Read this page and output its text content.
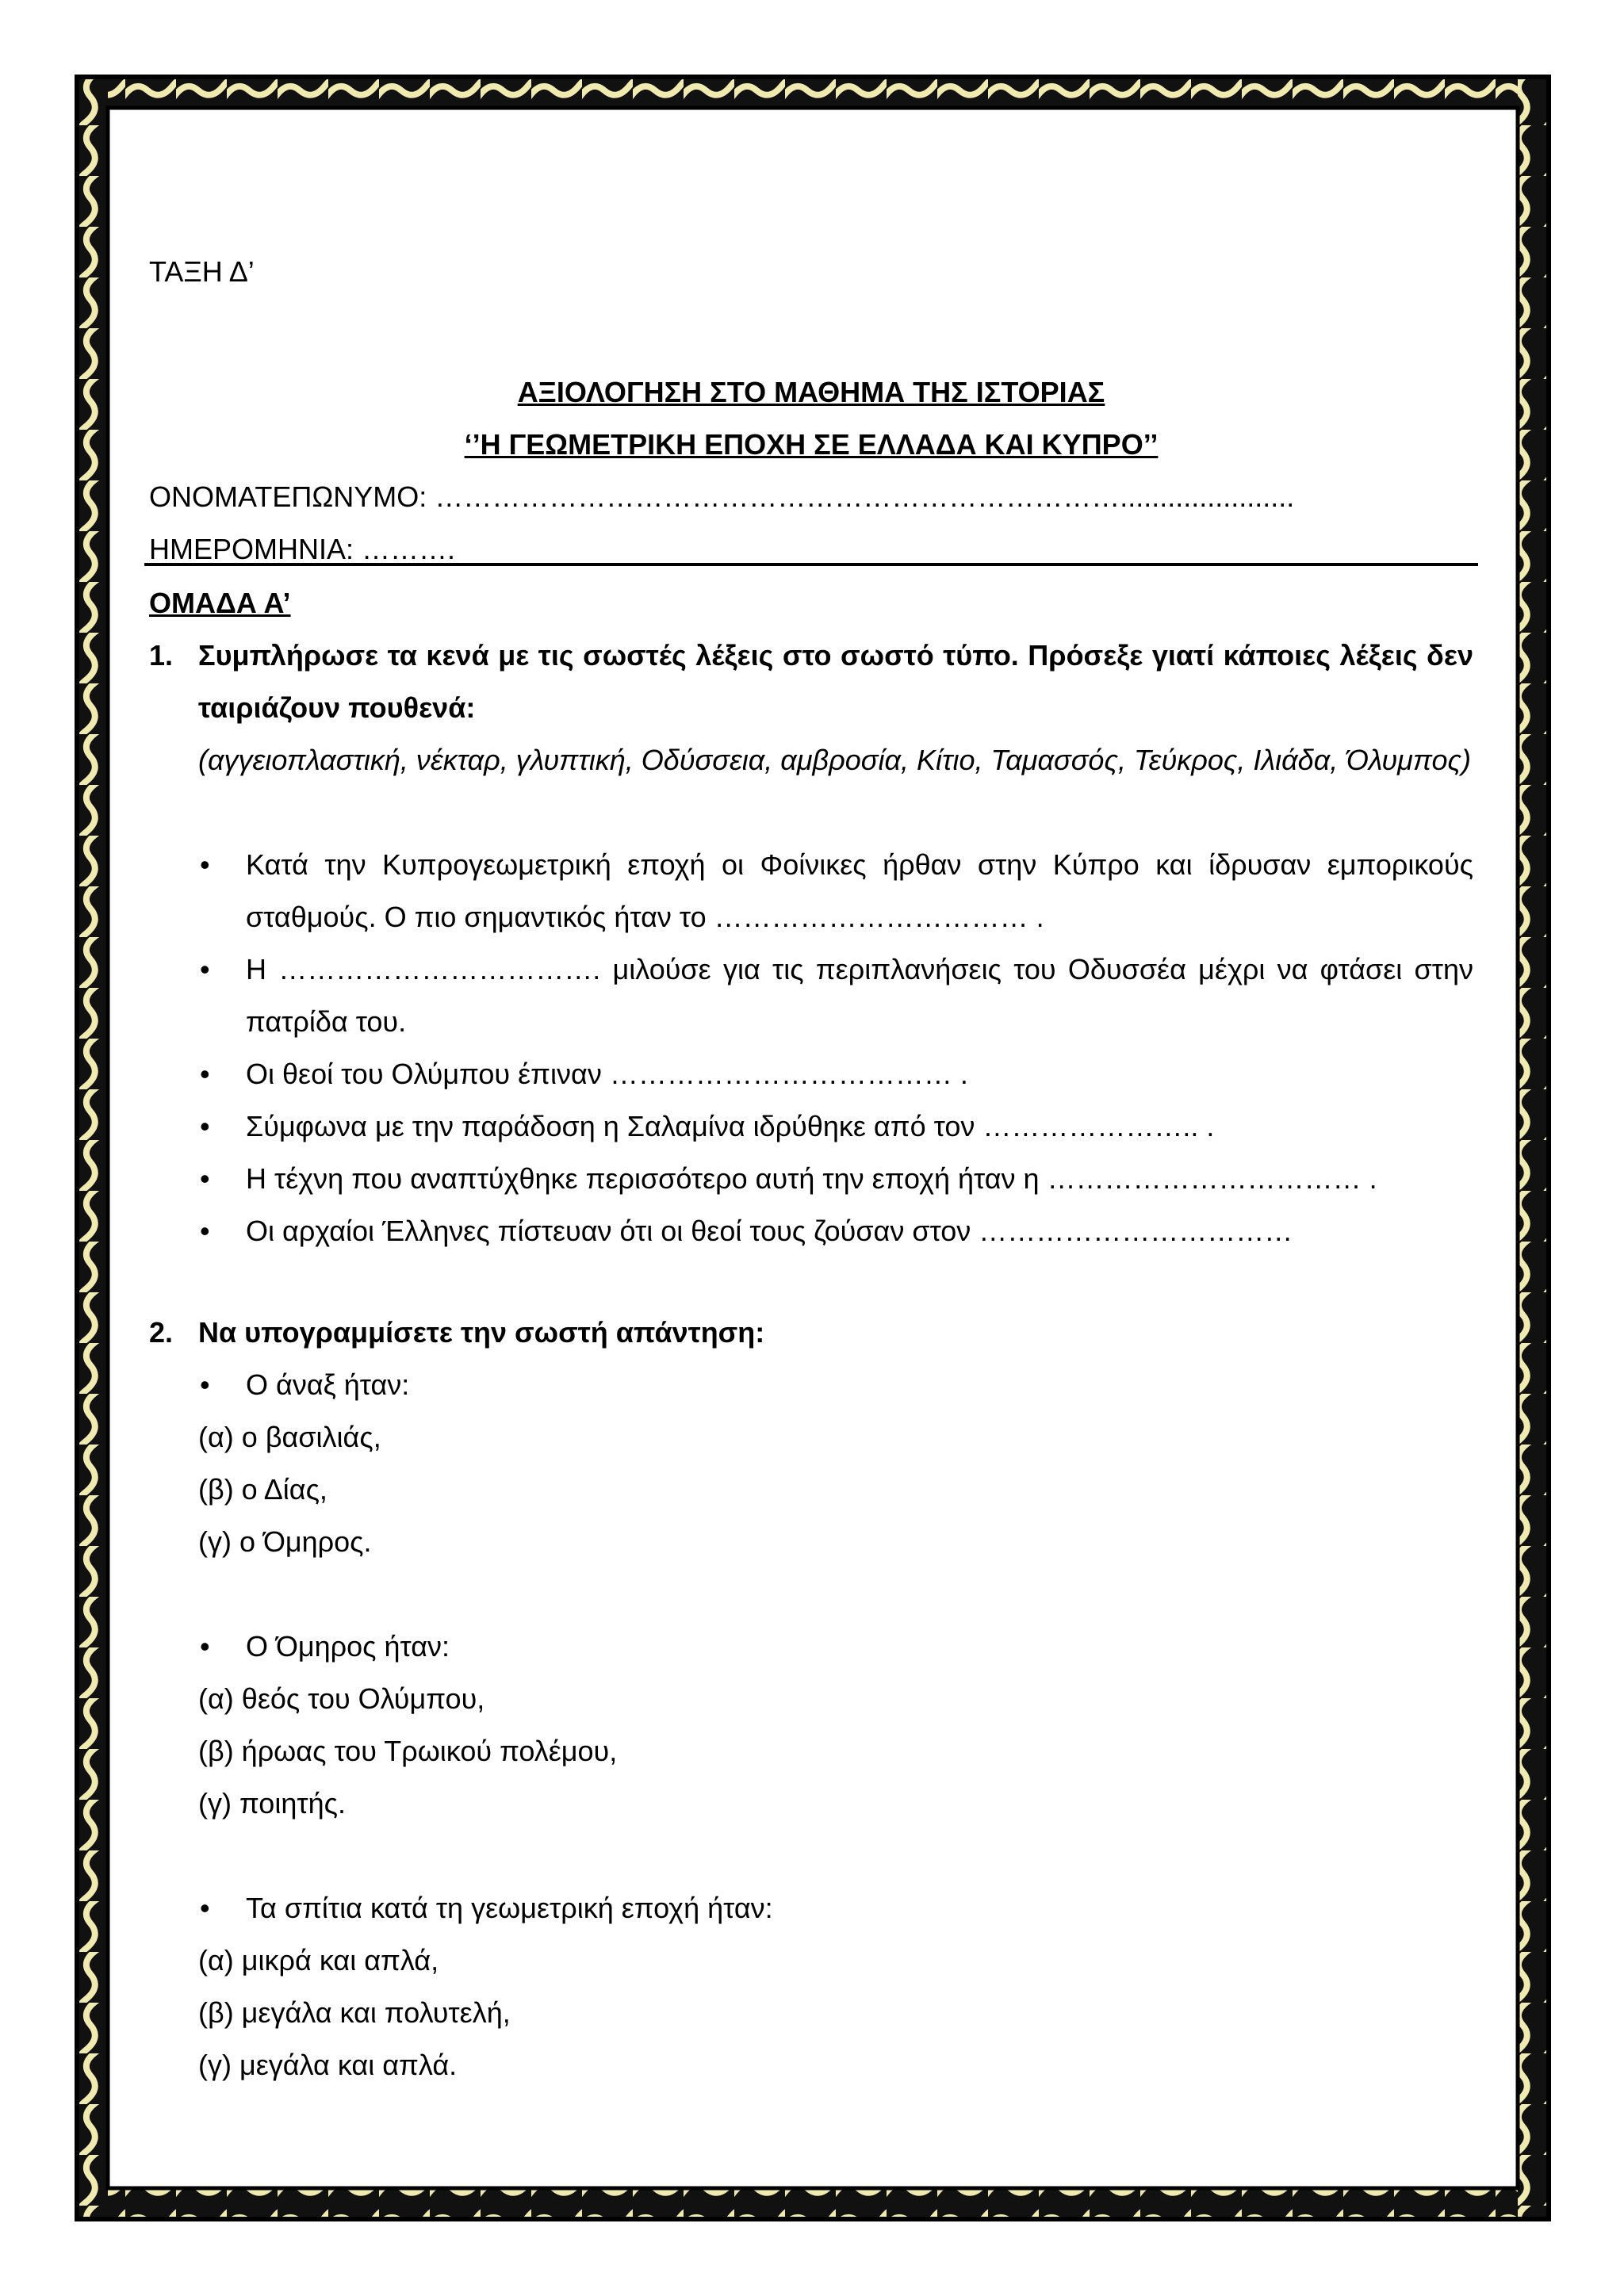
ΤΑΞΗ Δ’
ΑΞΙΟΛΟΓΗΣΗ ΣΤΟ ΜΑΘΗΜΑ ΤΗΣ ΙΣΤΟΡΙΑΣ
‘’Η ΓΕΩΜΕΤΡΙΚΗ ΕΠΟΧΗ ΣΕ ΕΛΛΑΔΑ ΚΑΙ ΚΥΠΡΟ’’
ΟΝΟΜΑΤΕΠΩΝΥΜΟ: ………………………………………………………………......................
ΗΜΕΡΟΜΗΝΙΑ: ……….
ΟΜΑΔΑ Α’
1. Συμπλήρωσε τα κενά με τις σωστές λέξεις στο σωστό τύπο. Πρόσεξε γιατί κάποιες λέξεις δεν ταιριάζουν πουθενά:
(αγγειοπλαστική, νέκταρ, γλυπτική, Οδύσσεια, αμβροσία, Κίτιο, Ταμασσός, Τεύκρος, Ιλιάδα, Όλυμπος)
• Κατά την Κυπρογεωμετρική εποχή οι Φοίνικες ήρθαν στην Κύπρο και ίδρυσαν εμπορικούς σταθμούς. Ο πιο σημαντικός ήταν το …………………………… .
• Η ……………………………. μιλούσε για τις περιπλανήσεις του Οδυσσέα μέχρι να φτάσει στην πατρίδα του.
• Οι θεοί του Ολύμπου έπιναν ……………………………… .
• Σύμφωνα με την παράδοση η Σαλαμίνα ιδρύθηκε από τον ………………….. .
• Η τέχνη που αναπτύχθηκε περισσότερο αυτή την εποχή ήταν η …………………………… .
• Οι αρχαίοι Έλληνες πίστευαν ότι οι θεοί τους ζούσαν στον ……………………………
2. Να υπογραμμίσετε την σωστή απάντηση:
• Ο άναξ ήταν:
(α) ο βασιλιάς,
(β) ο Δίας,
(γ) ο Όμηρος.
• Ο Όμηρος ήταν:
(α) θεός του Ολύμπου,
(β) ήρωας του Τρωικού πολέμου,
(γ) ποιητής.
• Τα σπίτια κατά τη γεωμετρική εποχή ήταν:
(α) μικρά και απλά,
(β) μεγάλα και πολυτελή,
(γ) μεγάλα και απλά.
